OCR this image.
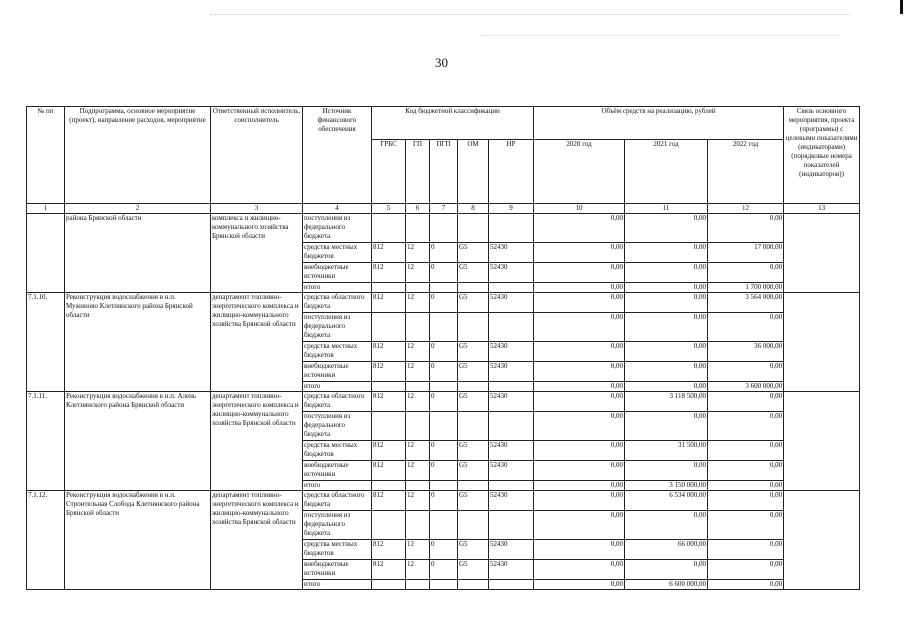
30
№ пп	Подпрограмма, основное мероприятие (проект), направление расходов, мероприятие	Ответственный исполнитель, соисполнитель	Источник финансового обеспечения	Код бюджетной классификации					Объём средств на реализацию, рублей			Связь основного мероприятия, проекта (программы) с целевыми показателями (индикаторами) (порядковые номера показателей (индикаторов))
				ГРБС	ГП	ПГП	ОМ	НР	2020 год	2021 год	2022 год	
1	2	3	4	5	6	7	8	9	10	11	12	13
	района Брянской области	комплекса и жилищно-коммунального хозяйства Брянской области	поступления из федерального бюджета						0,00	0,00	0,00	
			средства местных бюджетов	812	12	0	G5	52430	0,00	0,00	17 000,00	
			внебюджетные источники	812	12	0	G5	52430	0,00	0,00	0,00	
			итого						0,00	0,00	1 700 000,00	
7.1.10.	Реконструкция водоснабжения в н.п. Мужиново Клетнянского района Брянской области	департамент топливно-энергетического комплекса и жилищно-коммунального хозяйства Брянской области	средства областного бюджета	812	12	0	G5	52430	0,00	0,00	3 564 000,00	
			поступления из федерального бюджета						0,00	0,00	0,00	
			средства местных бюджетов	812	12	0	G5	52430	0,00	0,00	36 000,00	
			внебюджетные источники	812	12	0	G5	52430	0,00	0,00	0,00	
			итого						0,00	0,00	3 600 000,00	
7.1.11.	Реконструкция водоснабжения в н.п. Алень Клетнянского района Брянской области	департамент топливно-энергетического комплекса и жилищно-коммунального хозяйства Брянской области	средства областного бюджета	812	12	0	G5	52430	0,00	3 118 500,00	0,00	
			поступления из федерального бюджета						0,00	0,00	0,00	
			средства местных бюджетов	812	12	0	G5	52430	0,00	31 500,00	0,00	
			внебюджетные источники	812	12	0	G5	52430	0,00	0,00	0,00	
			итого						0,00	3 150 000,00	0,00	
7.1.12.	Реконструкция водоснабжения в н.п. Строительная Слобода Клетнянского района Брянской области	департамент топливно-энергетического комплекса и жилищно-коммунального хозяйства Брянской области	средства областного бюджета	812	12	0	G5	52430	0,00	6 534 000,00	0,00	
			поступления из федерального бюджета						0,00	0,00	0,00	
			средства местных бюджетов	812	12	0	G5	52430	0,00	66 000,00	0,00	
			внебюджетные источники	812	12	0	G5	52430	0,00	0,00	0,00	
			итого						0,00	6 600 000,00	0,00	
